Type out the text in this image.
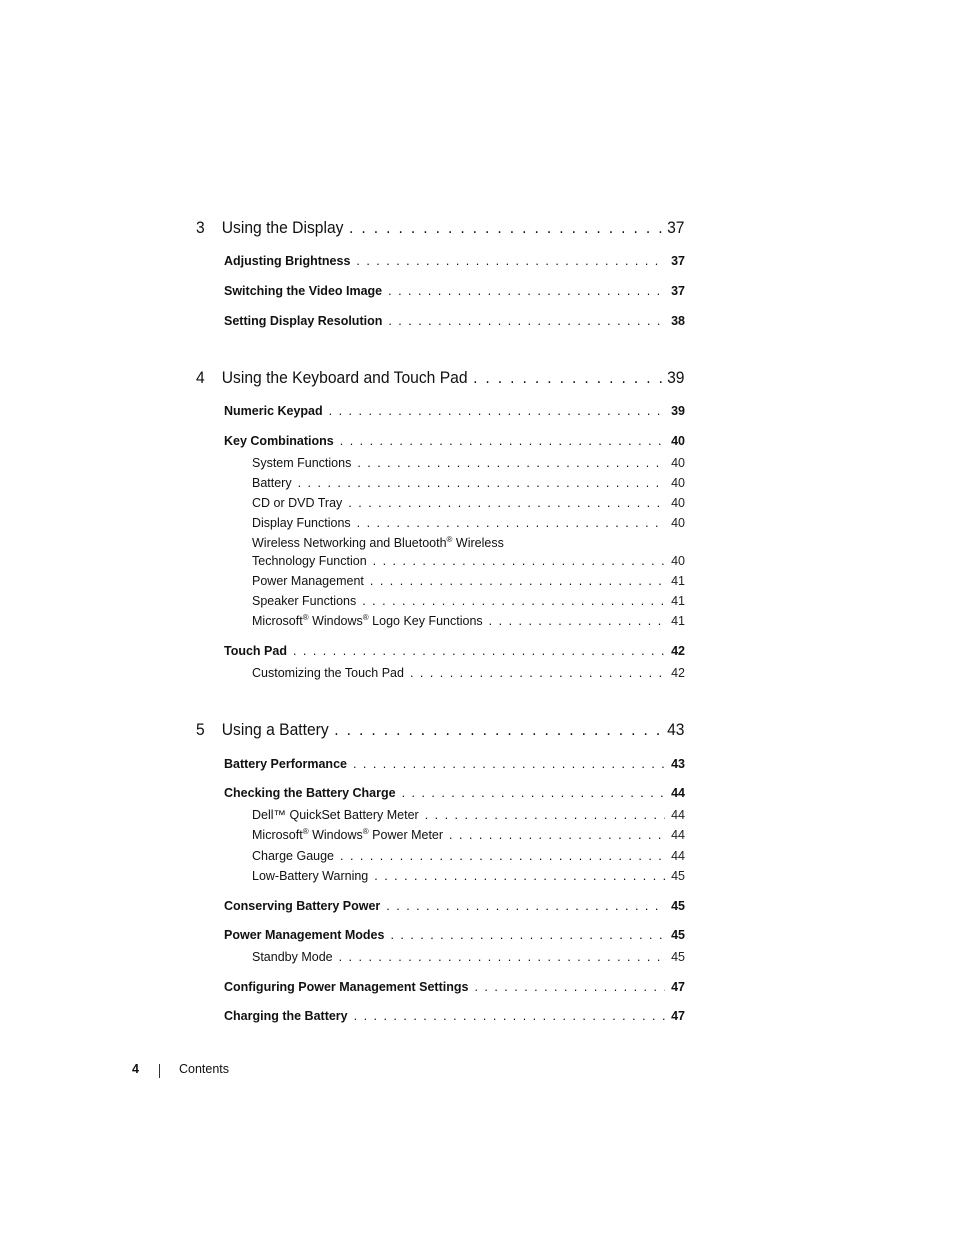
3 Using the Display . . .	37
Adjusting Brightness . . .	37
Switching the Video Image . . .	37
Setting Display Resolution . . .	38
4 Using the Keyboard and Touch Pad . . .	39
Numeric Keypad . . .	39
Key Combinations . . .	40
System Functions . . .	40
Battery . . .	40
CD or DVD Tray . . .	40
Display Functions . . .	40
Wireless Networking and Bluetooth® Wireless
Technology Function . . .	40
Power Management . . .	41
Speaker Functions . . .	41
Microsoft® Windows® Logo Key Functions . . .	41
Touch Pad . . .	42
Customizing the Touch Pad . . .	42
5 Using a Battery . . .	43
Battery Performance . . .	43
Checking the Battery Charge . . .	44
Dell™ QuickSet Battery Meter . . .	44
Microsoft® Windows® Power Meter . . .	44
Charge Gauge . . .	44
Low-Battery Warning . . .	45
Conserving Battery Power . . .	45
Power Management Modes . . .	45
Standby Mode . . .	45
Configuring Power Management Settings . . .	47
Charging the Battery . . .	47
4	Contents
